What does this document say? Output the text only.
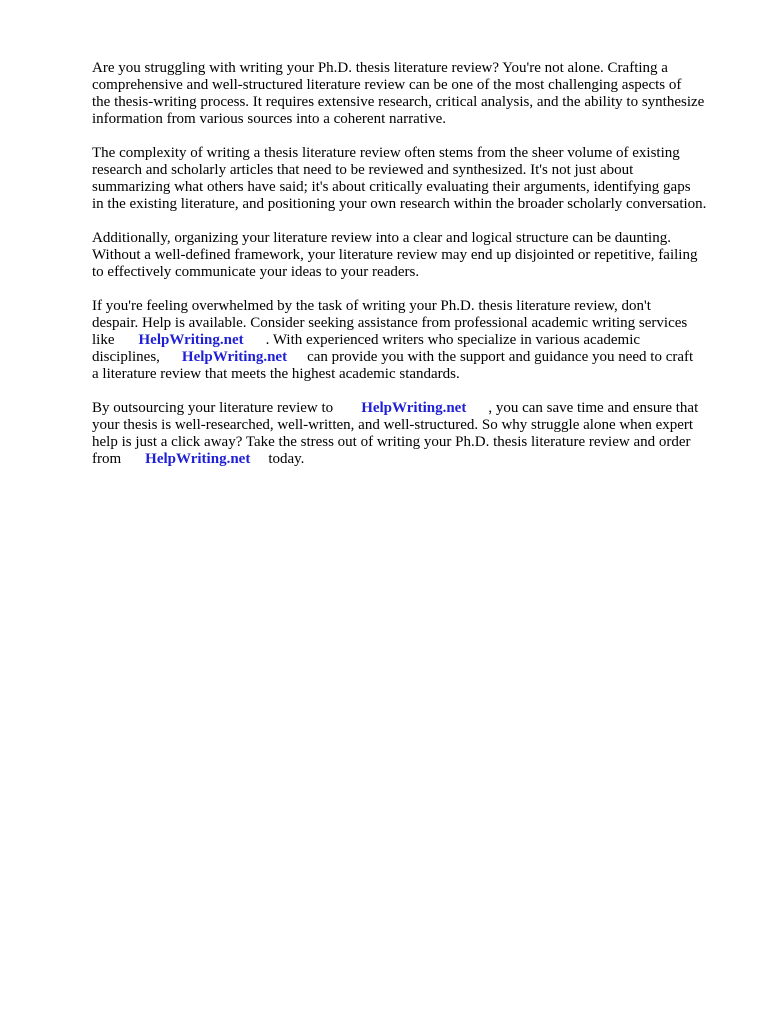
Are you struggling with writing your Ph.D. thesis literature review? You're not alone. Crafting a
comprehensive and well-structured literature review can be one of the most challenging aspects of
the thesis-writing process. It requires extensive research, critical analysis, and the ability to synthesize
information from various sources into a coherent narrative.

The complexity of writing a thesis literature review often stems from the sheer volume of existing
research and scholarly articles that need to be reviewed and synthesized. It's not just about
summarizing what others have said; it's about critically evaluating their arguments, identifying gaps
in the existing literature, and positioning your own research within the broader scholarly conversation.

Additionally, organizing your literature review into a clear and logical structure can be daunting.
Without a well-defined framework, your literature review may end up disjointed or repetitive, failing
to effectively communicate your ideas to your readers.

If you're feeling overwhelmed by the task of writing your Ph.D. thesis literature review, don't
despair. Help is available. Consider seeking assistance from professional academic writing services
like HelpWriting.net . With experienced writers who specialize in various academic
disciplines, HelpWriting.net can provide you with the support and guidance you need to craft
a literature review that meets the highest academic standards.

By outsourcing your literature review to HelpWriting.net , you can save time and ensure that
your thesis is well-researched, well-written, and well-structured. So why struggle alone when expert
help is just a click away? Take the stress out of writing your Ph.D. thesis literature review and order
from HelpWriting.net today.
